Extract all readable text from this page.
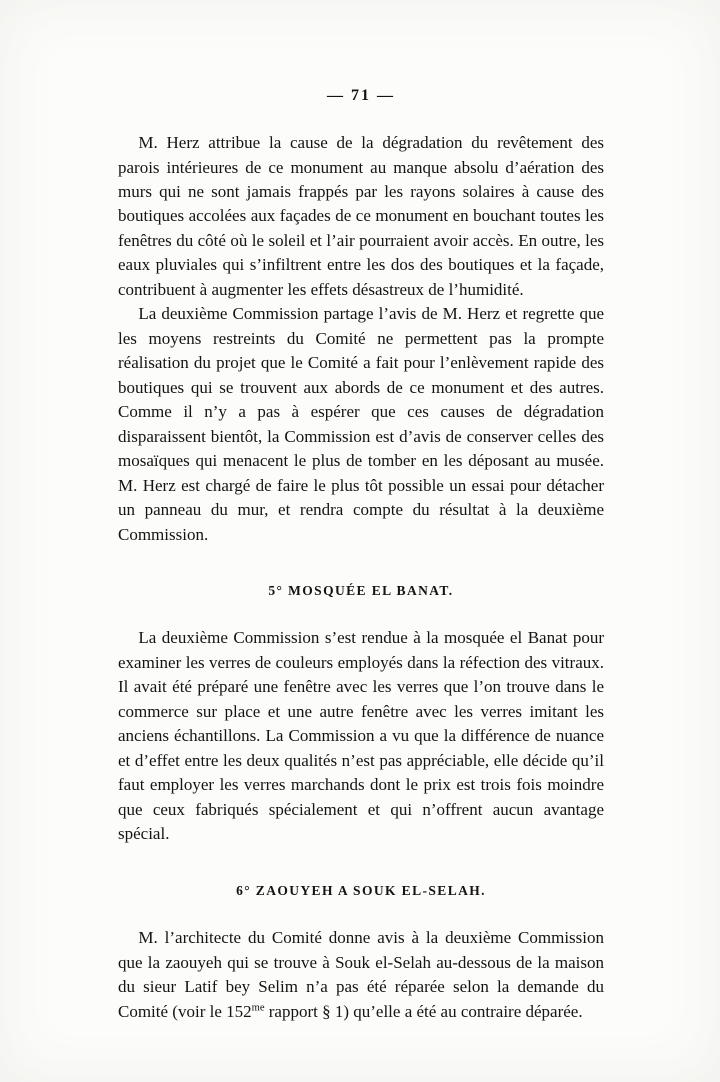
— 71 —

M. Herz attribue la cause de la dégradation du revêtement des parois intérieures de ce monument au manque absolu d’aération des murs qui ne sont jamais frappés par les rayons solaires à cause des boutiques accolées aux façades de ce monument en bouchant toutes les fenêtres du côté où le soleil et l’air pourraient avoir accès. En outre, les eaux pluviales qui s’infiltrent entre les dos des boutiques et la façade, contribuent à augmenter les effets désastreux de l’humidité.

La deuxième Commission partage l’avis de M. Herz et regrette que les moyens restreints du Comité ne permettent pas la prompte réalisation du projet que le Comité a fait pour l’enlèvement rapide des boutiques qui se trouvent aux abords de ce monument et des autres. Comme il n’y a pas à espérer que ces causes de dégradation disparaissent bientôt, la Commission est d’avis de conserver celles des mosaïques qui menacent le plus de tomber en les déposant au musée. M. Herz est chargé de faire le plus tôt possible un essai pour détacher un panneau du mur, et rendra compte du résultat à la deuxième Commission.

5° MOSQUÉE EL BANAT.

La deuxième Commission s’est rendue à la mosquée el Banat pour examiner les verres de couleurs employés dans la réfection des vitraux. Il avait été préparé une fenêtre avec les verres que l’on trouve dans le commerce sur place et une autre fenêtre avec les verres imitant les anciens échantillons. La Commission a vu que la différence de nuance et d’effet entre les deux qualités n’est pas appréciable, elle décide qu’il faut employer les verres marchands dont le prix est trois fois moindre que ceux fabriqués spécialement et qui n’offrent aucun avantage spécial.

6° ZAOUYEH A SOUK EL-SELAH.

M. l’architecte du Comité donne avis à la deuxième Commission que la zaouyeh qui se trouve à Souk el-Selah au-dessous de la maison du sieur Latif bey Selim n’a pas été réparée selon la demande du Comité (voir le $152^{me}$ rapport § 1) qu’elle a été au contraire déparée.
